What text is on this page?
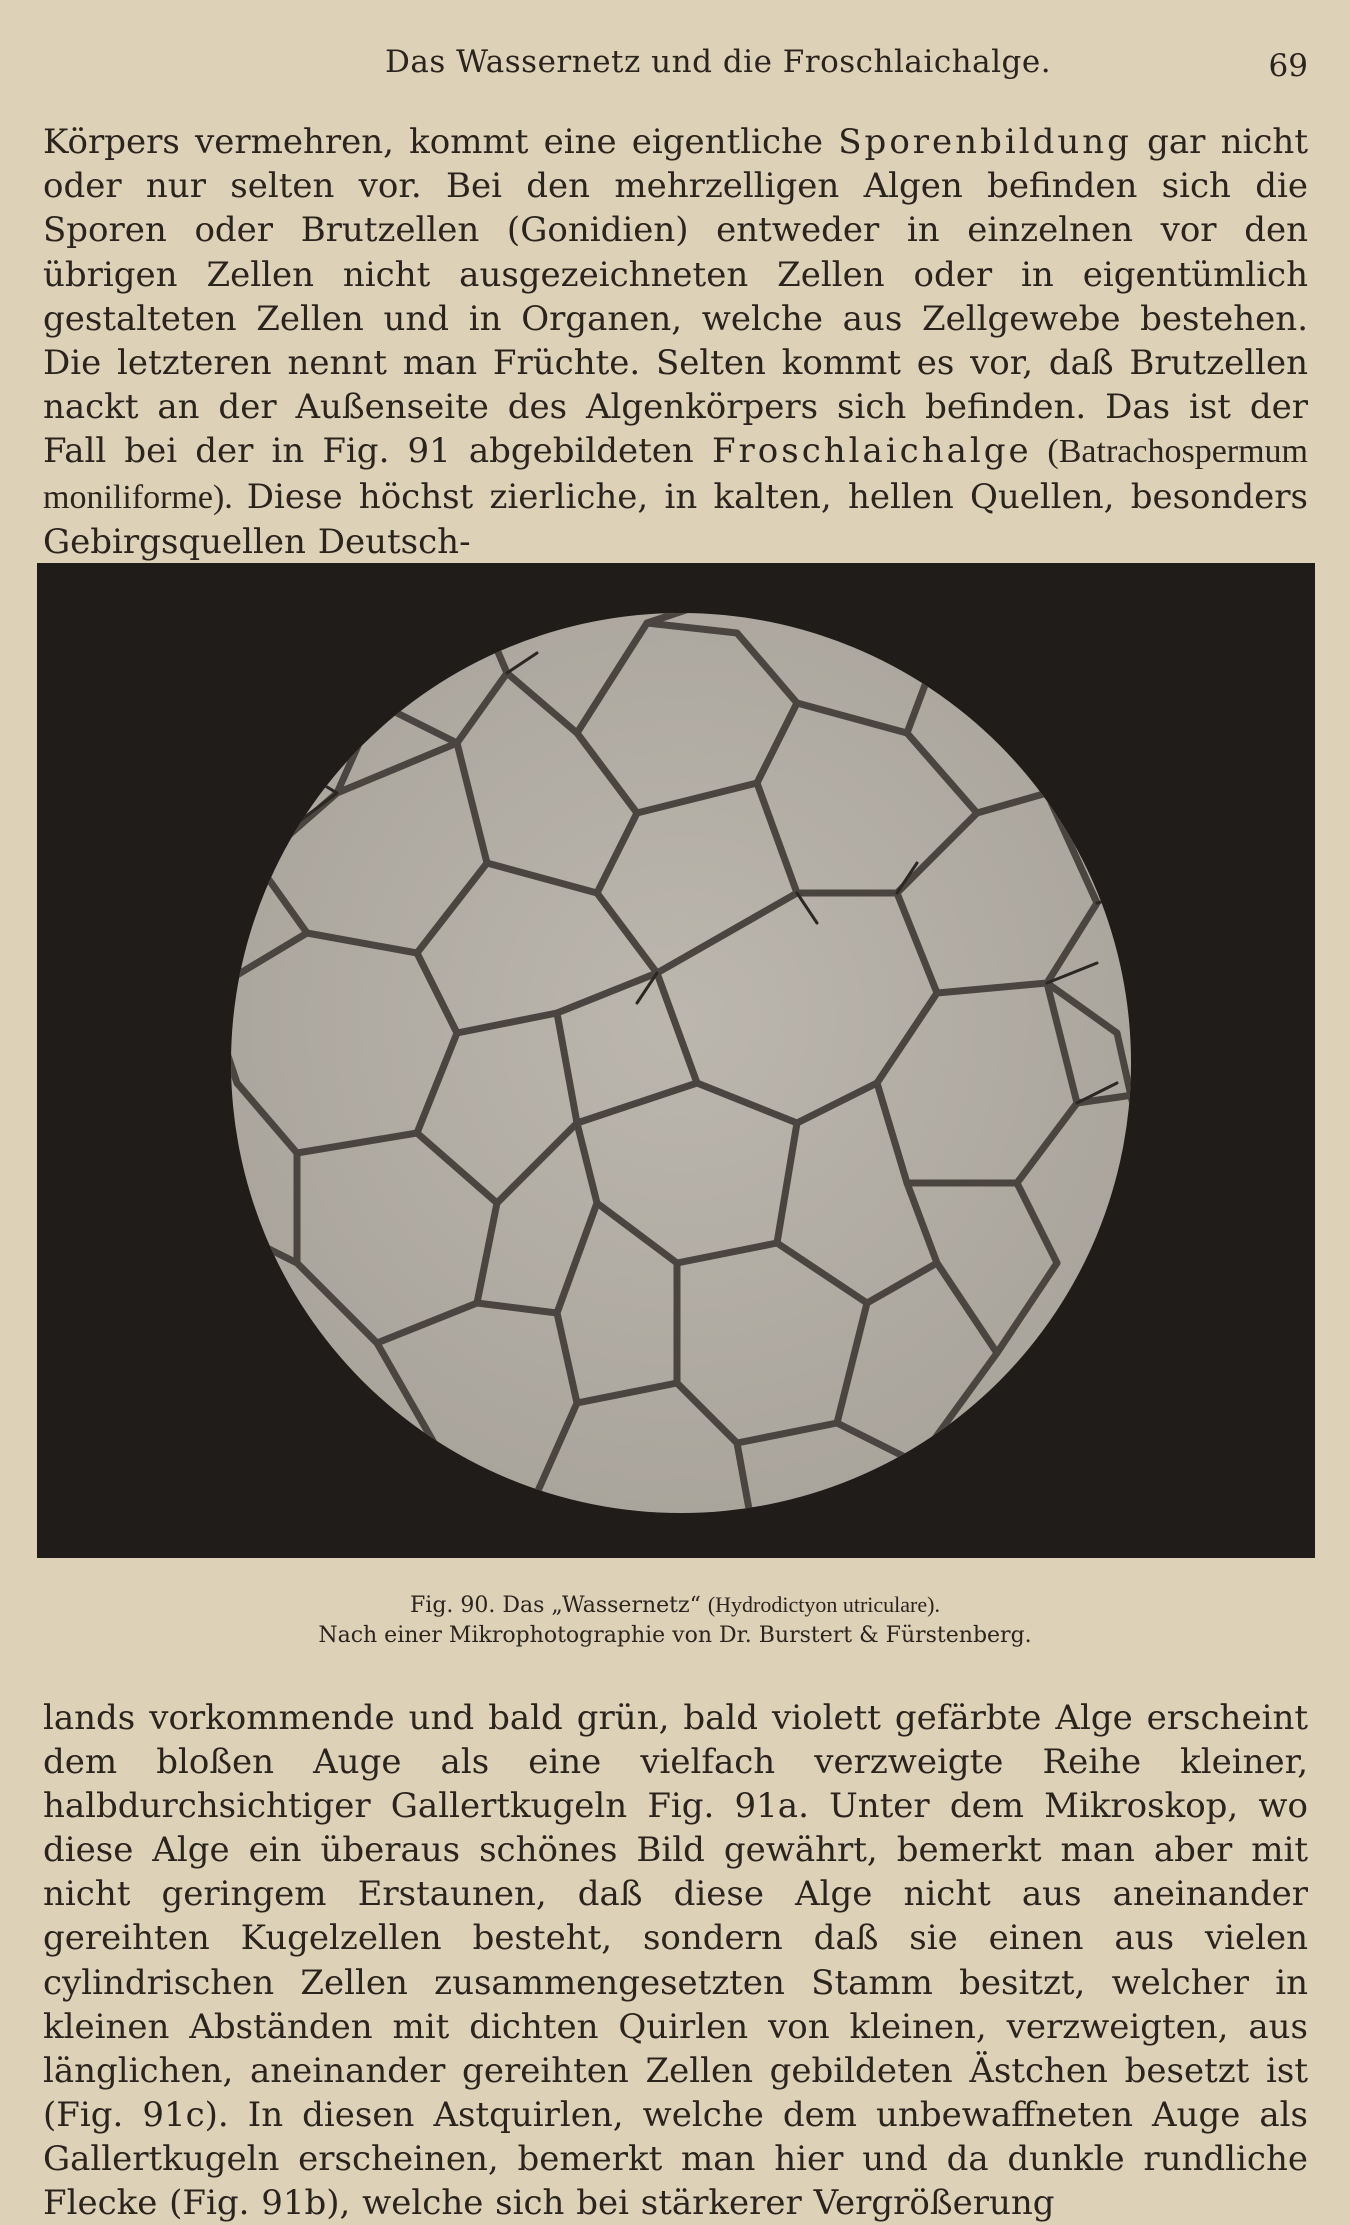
Das Wassernetz und die Froschlaichalge.	69

Körpers vermehren, kommt eine eigentliche Sporenbildung gar nicht oder nur selten vor. Bei den mehrzelligen Algen befinden sich die Sporen oder Brutzellen (Gonidien) entweder in einzelnen vor den übrigen Zellen nicht ausgezeichneten Zellen oder in eigentümlich gestalteten Zellen und in Organen, welche aus Zellgewebe bestehen. Die letzteren nennt man Früchte. Selten kommt es vor, daß Brutzellen nackt an der Außenseite des Algenkörpers sich befinden. Das ist der Fall bei der in Fig. 91 abgebildeten Froschlaichalge (Batrachospermum moniliforme). Diese höchst zierliche, in kalten, hellen Quellen, besonders Gebirgsquellen Deutsch-

Fig. 90. Das „Wassernetz“ (Hydrodictyon utriculare).
Nach einer Mikrophotographie von Dr. Burstert & Fürstenberg.

lands vorkommende und bald grün, bald violett gefärbte Alge erscheint dem bloßen Auge als eine vielfach verzweigte Reihe kleiner, halbdurchsichtiger Gallertkugeln Fig. 91a. Unter dem Mikroskop, wo diese Alge ein überaus schönes Bild gewährt, bemerkt man aber mit nicht geringem Erstaunen, daß diese Alge nicht aus aneinander gereihten Kugelzellen besteht, sondern daß sie einen aus vielen cylindrischen Zellen zusammengesetzten Stamm besitzt, welcher in kleinen Abständen mit dichten Quirlen von kleinen, verzweigten, aus länglichen, aneinander gereihten Zellen gebildeten Ästchen besetzt ist (Fig. 91c). In diesen Astquirlen, welche dem unbewaffneten Auge als Gallertkugeln erscheinen, bemerkt man hier und da dunkle rundliche Flecke (Fig. 91b), welche sich bei stärkerer Vergrößerung
